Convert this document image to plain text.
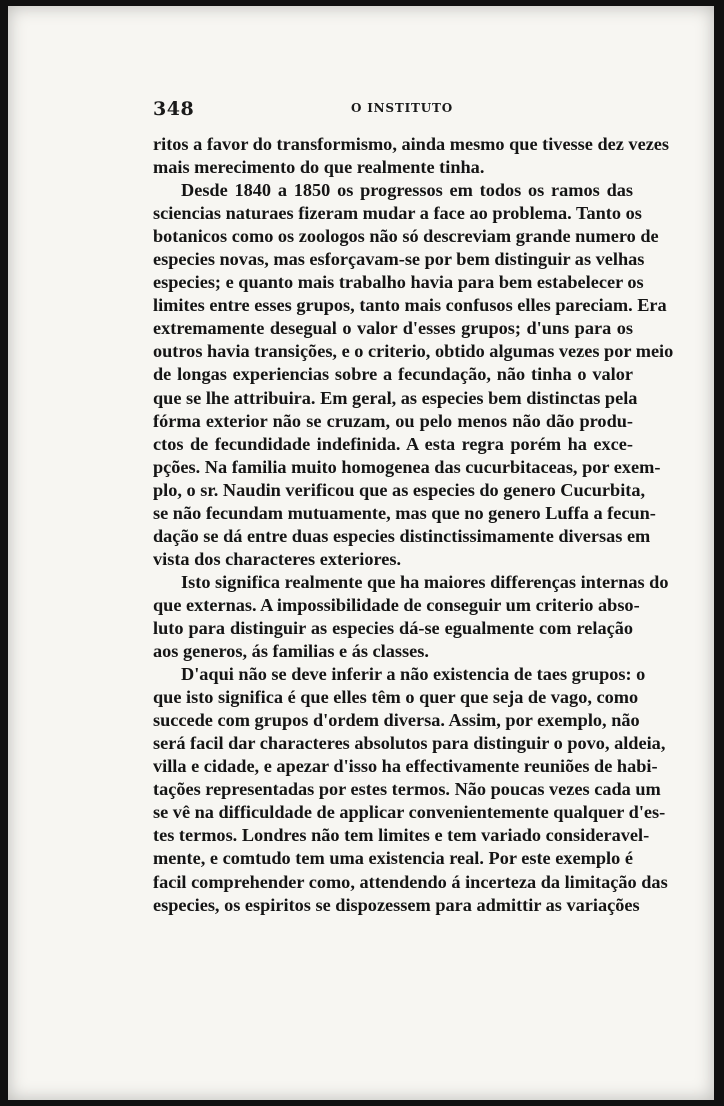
348	O INSTITUTO
ritos a favor do transformismo, ainda mesmo que tivesse dez vezes
mais merecimento do que realmente tinha.
Desde 1840 a 1850 os progressos em todos os ramos das
sciencias naturaes fizeram mudar a face ao problema. Tanto os
botanicos como os zoologos não só descreviam grande numero de
especies novas, mas esforçavam-se por bem distinguir as velhas
especies; e quanto mais trabalho havia para bem estabelecer os
limites entre esses grupos, tanto mais confusos elles pareciam. Era
extremamente desegual o valor d'esses grupos; d'uns para os
outros havia transições, e o criterio, obtido algumas vezes por meio
de longas experiencias sobre a fecundação, não tinha o valor
que se lhe attribuira. Em geral, as especies bem distinctas pela
fórma exterior não se cruzam, ou pelo menos não dão produ-
ctos de fecundidade indefinida. A esta regra porém ha exce-
pções. Na familia muito homogenea das cucurbitaceas, por exem-
plo, o sr. Naudin verificou que as especies do genero Cucurbita,
se não fecundam mutuamente, mas que no genero Luffa a fecun-
dação se dá entre duas especies distinctissimamente diversas em
vista dos characteres exteriores.
Isto significa realmente que ha maiores differenças internas do
que externas. A impossibilidade de conseguir um criterio abso-
luto para distinguir as especies dá-se egualmente com relação
aos generos, ás familias e ás classes.
D'aqui não se deve inferir a não existencia de taes grupos: o
que isto significa é que elles têm o quer que seja de vago, como
succede com grupos d'ordem diversa. Assim, por exemplo, não
será facil dar characteres absolutos para distinguir o povo, aldeia,
villa e cidade, e apezar d'isso ha effectivamente reuniões de habi-
tações representadas por estes termos. Não poucas vezes cada um
se vê na difficuldade de applicar convenientemente qualquer d'es-
tes termos. Londres não tem limites e tem variado consideravel-
mente, e comtudo tem uma existencia real. Por este exemplo é
facil comprehender como, attendendo á incerteza da limitação das
especies, os espiritos se dispozessem para admittir as variações
